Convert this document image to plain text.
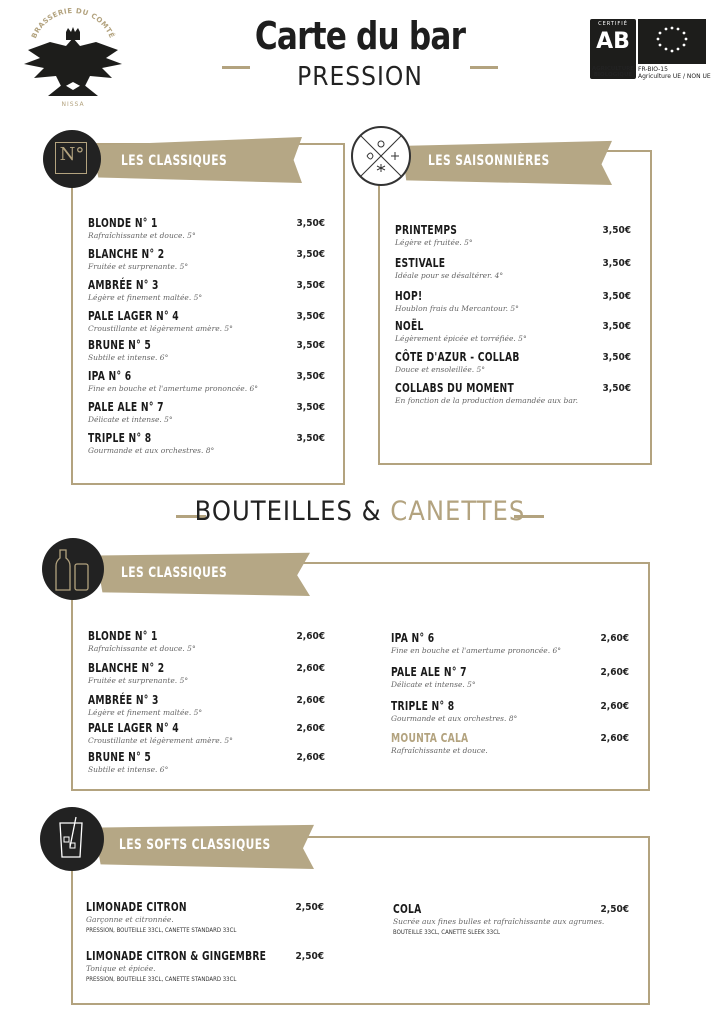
BRASSERIE DU COMTÉ
NISSA
Carte du bar
PRESSION
CERTIFIÉ
AB
AGRICULTURE
BIOLOGIQUE
FR-BIO-15
Agriculture UE / NON UE
LES CLASSIQUES
N°
BLONDE N° 1	3,50€
Rafraîchissante et douce. 5°
BLANCHE N° 2	3,50€
Fruitée et surprenante. 5°
AMBRÉE N° 3	3,50€
Légère et finement maltée. 5°
PALE LAGER N° 4	3,50€
Croustillante et légèrement amère. 5°
BRUNE N° 5	3,50€
Subtile et intense. 6°
IPA N° 6	3,50€
Fine en bouche et l'amertume prononcée. 6°
PALE ALE N° 7	3,50€
Délicate et intense. 5°
TRIPLE N° 8	3,50€
Gourmande et aux orchestres. 8°
LES SAISONNIÈRES
PRINTEMPS	3,50€
Légère et fruitée. 5°
ESTIVALE	3,50€
Idéale pour se désaltérer. 4°
HOP!	3,50€
Houblon frais du Mercantour. 5°
NOËL	3,50€
Légèrement épicée et torréfiée. 5°
CÔTE D'AZUR - COLLAB	3,50€
Douce et ensoleillée. 5°
COLLABS DU MOMENT	3,50€
En fonction de la production demandée aux bar.
BOUTEILLES & CANETTES
LES CLASSIQUES
BLONDE N° 1	2,60€
Rafraîchissante et douce. 5°
BLANCHE N° 2	2,60€
Fruitée et surprenante. 5°
AMBRÉE N° 3	2,60€
Légère et finement maltée. 5°
PALE LAGER N° 4	2,60€
Croustillante et légèrement amère. 5°
BRUNE N° 5	2,60€
Subtile et intense. 6°
IPA N° 6	2,60€
Fine en bouche et l'amertume prononcée. 6°
PALE ALE N° 7	2,60€
Délicate et intense. 5°
TRIPLE N° 8	2,60€
Gourmande et aux orchestres. 8°
MOUNTA CALA	2,60€
Rafraîchissante et douce.
LES SOFTS CLASSIQUES
LIMONADE CITRON	2,50€
Garçonne et citronnée.
PRESSION, BOUTEILLE 33CL, CANETTE STANDARD 33CL
LIMONADE CITRON & GINGEMBRE	2,50€
Tonique et épicée.
PRESSION, BOUTEILLE 33CL, CANETTE STANDARD 33CL
COLA	2,50€
Sucrée aux fines bulles et rafraîchissante aux agrumes.
BOUTEILLE 33CL, CANETTE SLEEK 33CL
